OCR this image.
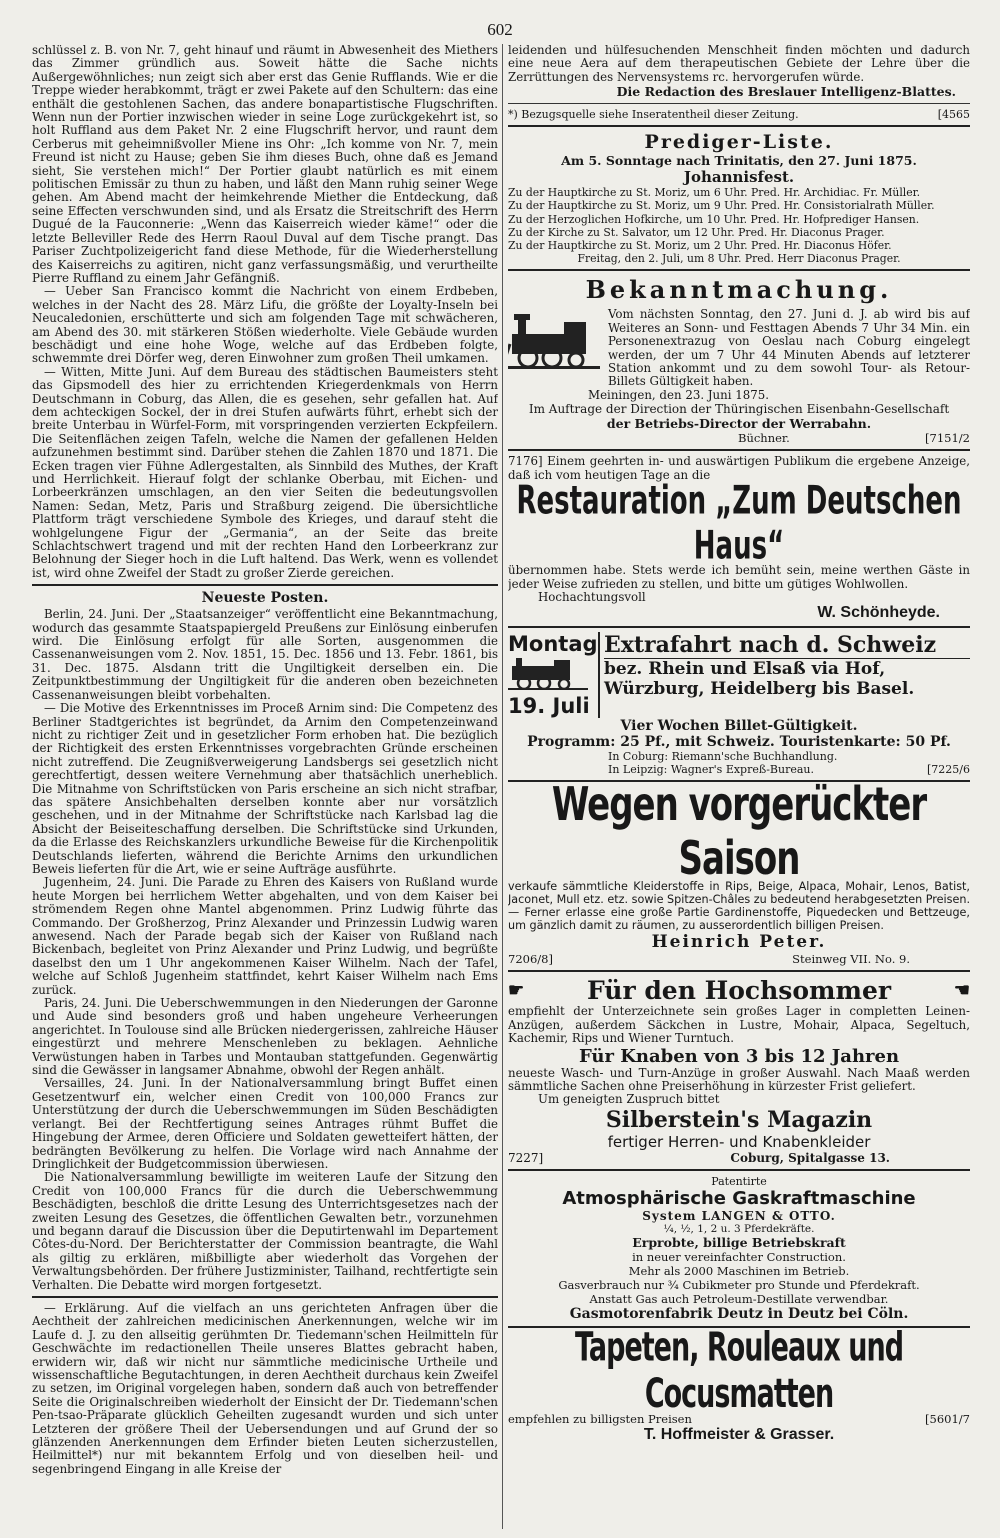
602

schlüssel z. B. von Nr. 7, geht hinauf und räumt in Abwesenheit des Miethers das Zimmer gründlich aus. Soweit hätte die Sache nichts Außergewöhnliches; nun zeigt sich aber erst das Genie Rufflands. Wie er die Treppe wieder herabkommt, trägt er zwei Pakete auf den Schultern: das eine enthält die gestohlenen Sachen, das andere bonapartistische Flugschriften. Wenn nun der Portier inzwischen wieder in seine Loge zurückgekehrt ist, so holt Ruffland aus dem Paket Nr. 2 eine Flugschrift hervor, und raunt dem Cerberus mit geheimnißvoller Miene ins Ohr: „Ich komme von Nr. 7, mein Freund ist nicht zu Hause; geben Sie ihm dieses Buch, ohne daß es Jemand sieht, Sie verstehen mich!“ Der Portier glaubt natürlich es mit einem politischen Emissär zu thun zu haben, und läßt den Mann ruhig seiner Wege gehen. Am Abend macht der heimkehrende Miether die Entdeckung, daß seine Effecten verschwunden sind, und als Ersatz die Streitschrift des Herrn Dugué de la Fauconnerie: „Wenn das Kaiserreich wieder käme!“ oder die letzte Belleviller Rede des Herrn Raoul Duval auf dem Tische prangt. Das Pariser Zuchtpolizeigericht fand diese Methode, für die Wiederherstellung des Kaiserreichs zu agitiren, nicht ganz verfassungsmäßig, und verurtheilte Pierre Ruffland zu einem Jahr Gefängniß.

— Ueber San Francisco kommt die Nachricht von einem Erdbeben, welches in der Nacht des 28. März Lifu, die größte der Loyalty-Inseln bei Neucaledonien, erschütterte und sich am folgenden Tage mit schwächeren, am Abend des 30. mit stärkeren Stößen wiederholte. Viele Gebäude wurden beschädigt und eine hohe Woge, welche auf das Erdbeben folgte, schwemmte drei Dörfer weg, deren Einwohner zum großen Theil umkamen.

— Witten, Mitte Juni. Auf dem Bureau des städtischen Baumeisters steht das Gipsmodell des hier zu errichtenden Kriegerdenkmals von Herrn Deutschmann in Coburg, das Allen, die es gesehen, sehr gefallen hat. Auf dem achteckigen Sockel, der in drei Stufen aufwärts führt, erhebt sich der breite Unterbau in Würfel-Form, mit vorspringenden verzierten Eckpfeilern. Die Seitenflächen zeigen Tafeln, welche die Namen der gefallenen Helden aufzunehmen bestimmt sind. Darüber stehen die Zahlen 1870 und 1871. Die Ecken tragen vier Fühne Adlergestalten, als Sinnbild des Muthes, der Kraft und Herrlichkeit. Hierauf folgt der schlanke Oberbau, mit Eichen- und Lorbeerkränzen umschlagen, an den vier Seiten die bedeutungsvollen Namen: Sedan, Metz, Paris und Straßburg zeigend. Die übersichtliche Plattform trägt verschiedene Symbole des Krieges, und darauf steht die wohlgelungene Figur der „Germania“, an der Seite das breite Schlachtschwert tragend und mit der rechten Hand den Lorbeerkranz zur Belohnung der Sieger hoch in die Luft haltend. Das Werk, wenn es vollendet ist, wird ohne Zweifel der Stadt zu großer Zierde gereichen.

Neueste Posten.

Berlin, 24. Juni. Der „Staatsanzeiger“ veröffentlicht eine Bekanntmachung, wodurch das gesammte Staatspapiergeld Preußens zur Einlösung einberufen wird. Die Einlösung erfolgt für alle Sorten, ausgenommen die Cassenanweisungen vom 2. Nov. 1851, 15. Dec. 1856 und 13. Febr. 1861, bis 31. Dec. 1875. Alsdann tritt die Ungiltigkeit derselben ein. Die Zeitpunktbestimmung der Ungiltigkeit für die anderen oben bezeichneten Cassenanweisungen bleibt vorbehalten.

— Die Motive des Erkenntnisses im Proceß Arnim sind: Die Competenz des Berliner Stadtgerichtes ist begründet, da Arnim den Competenzeinwand nicht zu richtiger Zeit und in gesetzlicher Form erhoben hat. Die bezüglich der Richtigkeit des ersten Erkenntnisses vorgebrachten Gründe erscheinen nicht zutreffend. Die Zeugnißverweigerung Landsbergs sei gesetzlich nicht gerechtfertigt, dessen weitere Vernehmung aber thatsächlich unerheblich. Die Mitnahme von Schriftstücken von Paris erscheine an sich nicht strafbar, das spätere Ansichbehalten derselben konnte aber nur vorsätzlich geschehen, und in der Mitnahme der Schriftstücke nach Karlsbad lag die Absicht der Beiseiteschaffung derselben. Die Schriftstücke sind Urkunden, da die Erlasse des Reichskanzlers urkundliche Beweise für die Kirchenpolitik Deutschlands lieferten, während die Berichte Arnims den urkundlichen Beweis lieferten für die Art, wie er seine Aufträge ausführte.

Jugenheim, 24. Juni. Die Parade zu Ehren des Kaisers von Rußland wurde heute Morgen bei herrlichem Wetter abgehalten, und von dem Kaiser bei strömendem Regen ohne Mantel abgenommen. Prinz Ludwig führte das Commando. Der Großherzog, Prinz Alexander und Prinzessin Ludwig waren anwesend. Nach der Parade begab sich der Kaiser von Rußland nach Bickenbach, begleitet von Prinz Alexander und Prinz Ludwig, und begrüßte daselbst den um 1 Uhr angekommenen Kaiser Wilhelm. Nach der Tafel, welche auf Schloß Jugenheim stattfindet, kehrt Kaiser Wilhelm nach Ems zurück.

Paris, 24. Juni. Die Ueberschwemmungen in den Niederungen der Garonne und Aude sind besonders groß und haben ungeheure Verheerungen angerichtet. In Toulouse sind alle Brücken niedergerissen, zahlreiche Häuser eingestürzt und mehrere Menschenleben zu beklagen. Aehnliche Verwüstungen haben in Tarbes und Montauban stattgefunden. Gegenwärtig sind die Gewässer in langsamer Abnahme, obwohl der Regen anhält.

Versailles, 24. Juni. In der Nationalversammlung bringt Buffet einen Gesetzentwurf ein, welcher einen Credit von 100,000 Francs zur Unterstützung der durch die Ueberschwemmungen im Süden Beschädigten verlangt. Bei der Rechtfertigung seines Antrages rühmt Buffet die Hingebung der Armee, deren Officiere und Soldaten gewetteifert hätten, der bedrängten Bevölkerung zu helfen. Die Vorlage wird nach Annahme der Dringlichkeit der Budgetcommission überwiesen.

Die Nationalversammlung bewilligte im weiteren Laufe der Sitzung den Credit von 100,000 Francs für die durch die Ueberschwemmung Beschädigten, beschloß die dritte Lesung des Unterrichtsgesetzes nach der zweiten Lesung des Gesetzes, die öffentlichen Gewalten betr., vorzunehmen und begann darauf die Discussion über die Deputirtenwahl im Departement Côtes-du-Nord. Der Berichterstatter der Commission beantragte, die Wahl als giltig zu erklären, mißbilligte aber wiederholt das Vorgehen der Verwaltungsbehörden. Der frühere Justizminister, Tailhand, rechtfertigte sein Verhalten. Die Debatte wird morgen fortgesetzt.

— Erklärung. Auf die vielfach an uns gerichteten Anfragen über die Aechtheit der zahlreichen medicinischen Anerkennungen, welche wir im Laufe d. J. zu den allseitig gerühmten Dr. Tiedemann'schen Heilmitteln für Geschwächte im redactionellen Theile unseres Blattes gebracht haben, erwidern wir, daß wir nicht nur sämmtliche medicinische Urtheile und wissenschaftliche Begutachtungen, in deren Aechtheit durchaus kein Zweifel zu setzen, im Original vorgelegen haben, sondern daß auch von betreffender Seite die Originalschreiben wiederholt der Einsicht der Dr. Tiedemann'schen Pen-tsao-Präparate glücklich Geheilten zugesandt wurden und sich unter Letzteren der größere Theil der Uebersendungen und auf Grund der so glänzenden Anerkennungen dem Erfinder bieten Leuten sicherzustellen, Heilmittel*) nur mit bekanntem Erfolg und von dieselben heil- und segenbringend Eingang in alle Kreise der

leidenden und hülfesuchenden Menschheit finden möchten und dadurch eine neue Aera auf dem therapeutischen Gebiete der Lehre über die Zerrüttungen des Nervensystems rc. hervorgerufen würde.

Die Redaction des Breslauer Intelligenz-Blattes.
*) Bezugsquelle siehe Inseratentheil dieser Zeitung.	[4565
Prediger-Liste.
Am 5. Sonntage nach Trinitatis, den 27. Juni 1875.
Johannisfest.
Zu der Hauptkirche zu St. Moriz, um 6 Uhr. Pred. Hr. Archidiac. Fr. Müller.
Zu der Hauptkirche zu St. Moriz, um 9 Uhr. Pred. Hr. Consistorialrath Müller.
Zu der Herzoglichen Hofkirche, um 10 Uhr. Pred. Hr. Hofprediger Hansen.
Zu der Kirche zu St. Salvator, um 12 Uhr. Pred. Hr. Diaconus Prager.
Zu der Hauptkirche zu St. Moriz, um 2 Uhr. Pred. Hr. Diaconus Höfer.
Freitag, den 2. Juli, um 8 Uhr. Pred. Herr Diaconus Prager.
Bekanntmachung.
Vom nächsten Sonntag, den 27. Juni d. J. ab wird bis auf Weiteres an Sonn- und Festtagen Abends 7 Uhr 34 Min. ein Personenextrazug von Oeslau nach Coburg eingelegt werden, der um 7 Uhr 44 Minuten Abends auf letzterer Station ankommt und zu dem sowohl Tour- als Retour-Billets Gültigkeit haben.
Meiningen, den 23. Juni 1875.
Im Auftrage der Direction der Thüringischen Eisenbahn-Gesellschaft
der Betriebs-Director der Werrabahn.
Büchner.	[7151/2
7176] Einem geehrten in- und auswärtigen Publikum die ergebene Anzeige, daß ich vom heutigen Tage an die
Restauration „Zum Deutschen Haus“
übernommen habe. Stets werde ich bemüht sein, meine werthen Gäste in jeder Weise zufrieden zu stellen, und bitte um gütiges Wohlwollen.
Hochachtungsvoll
W. Schönheyde.
Montag
19. Juli
Extrafahrt nach d. Schweiz
bez. Rhein und Elsaß via Hof,
Würzburg, Heidelberg bis Basel.
Vier Wochen Billet-Gültigkeit.
Programm: 25 Pf., mit Schweiz. Touristenkarte: 50 Pf.
In Coburg: Riemann'sche Buchhandlung.
In Leipzig: Wagner's Expreß-Bureau.	[7225/6
Wegen vorgerückter Saison
verkaufe sämmtliche Kleiderstoffe in Rips, Beige, Alpaca, Mohair, Lenos, Batist, Jaconet, Mull etz. etz. sowie Spitzen-Châles zu bedeutend herabgesetzten Preisen. — Ferner erlasse eine große Partie Gardinenstoffe, Piquedecken und Bettzeuge, um gänzlich damit zu räumen, zu ausserordentlich billigen Preisen.
Heinrich Peter.
7206/8]	Steinweg VII. No. 9.
☛	Für den Hochsommer	☚
empfiehlt der Unterzeichnete sein großes Lager in completten Leinen-Anzügen, außerdem Säckchen in Lustre, Mohair, Alpaca, Segeltuch, Kachemir, Rips und Wiener Turntuch.
Für Knaben von 3 bis 12 Jahren
neueste Wasch- und Turn-Anzüge in großer Auswahl. Nach Maaß werden sämmtliche Sachen ohne Preiserhöhung in kürzester Frist geliefert.
Um geneigten Zuspruch bittet
Silberstein's Magazin
fertiger Herren- und Knabenkleider
7227]	Coburg, Spitalgasse 13.
Patentirte
Atmosphärische Gaskraftmaschine
System LANGEN & OTTO.
¼, ½, 1, 2 u. 3 Pferdekräfte.
Erprobte, billige Betriebskraft
in neuer vereinfachter Construction.
Mehr als 2000 Maschinen im Betrieb.
Gasverbrauch nur ¾ Cubikmeter pro Stunde und Pferdekraft.
Anstatt Gas auch Petroleum-Destillate verwendbar.
Gasmotorenfabrik Deutz in Deutz bei Cöln.
Tapeten, Rouleaux und Cocusmatten
empfehlen zu billigsten Preisen	[5601/7
T. Hoffmeister & Grasser.
